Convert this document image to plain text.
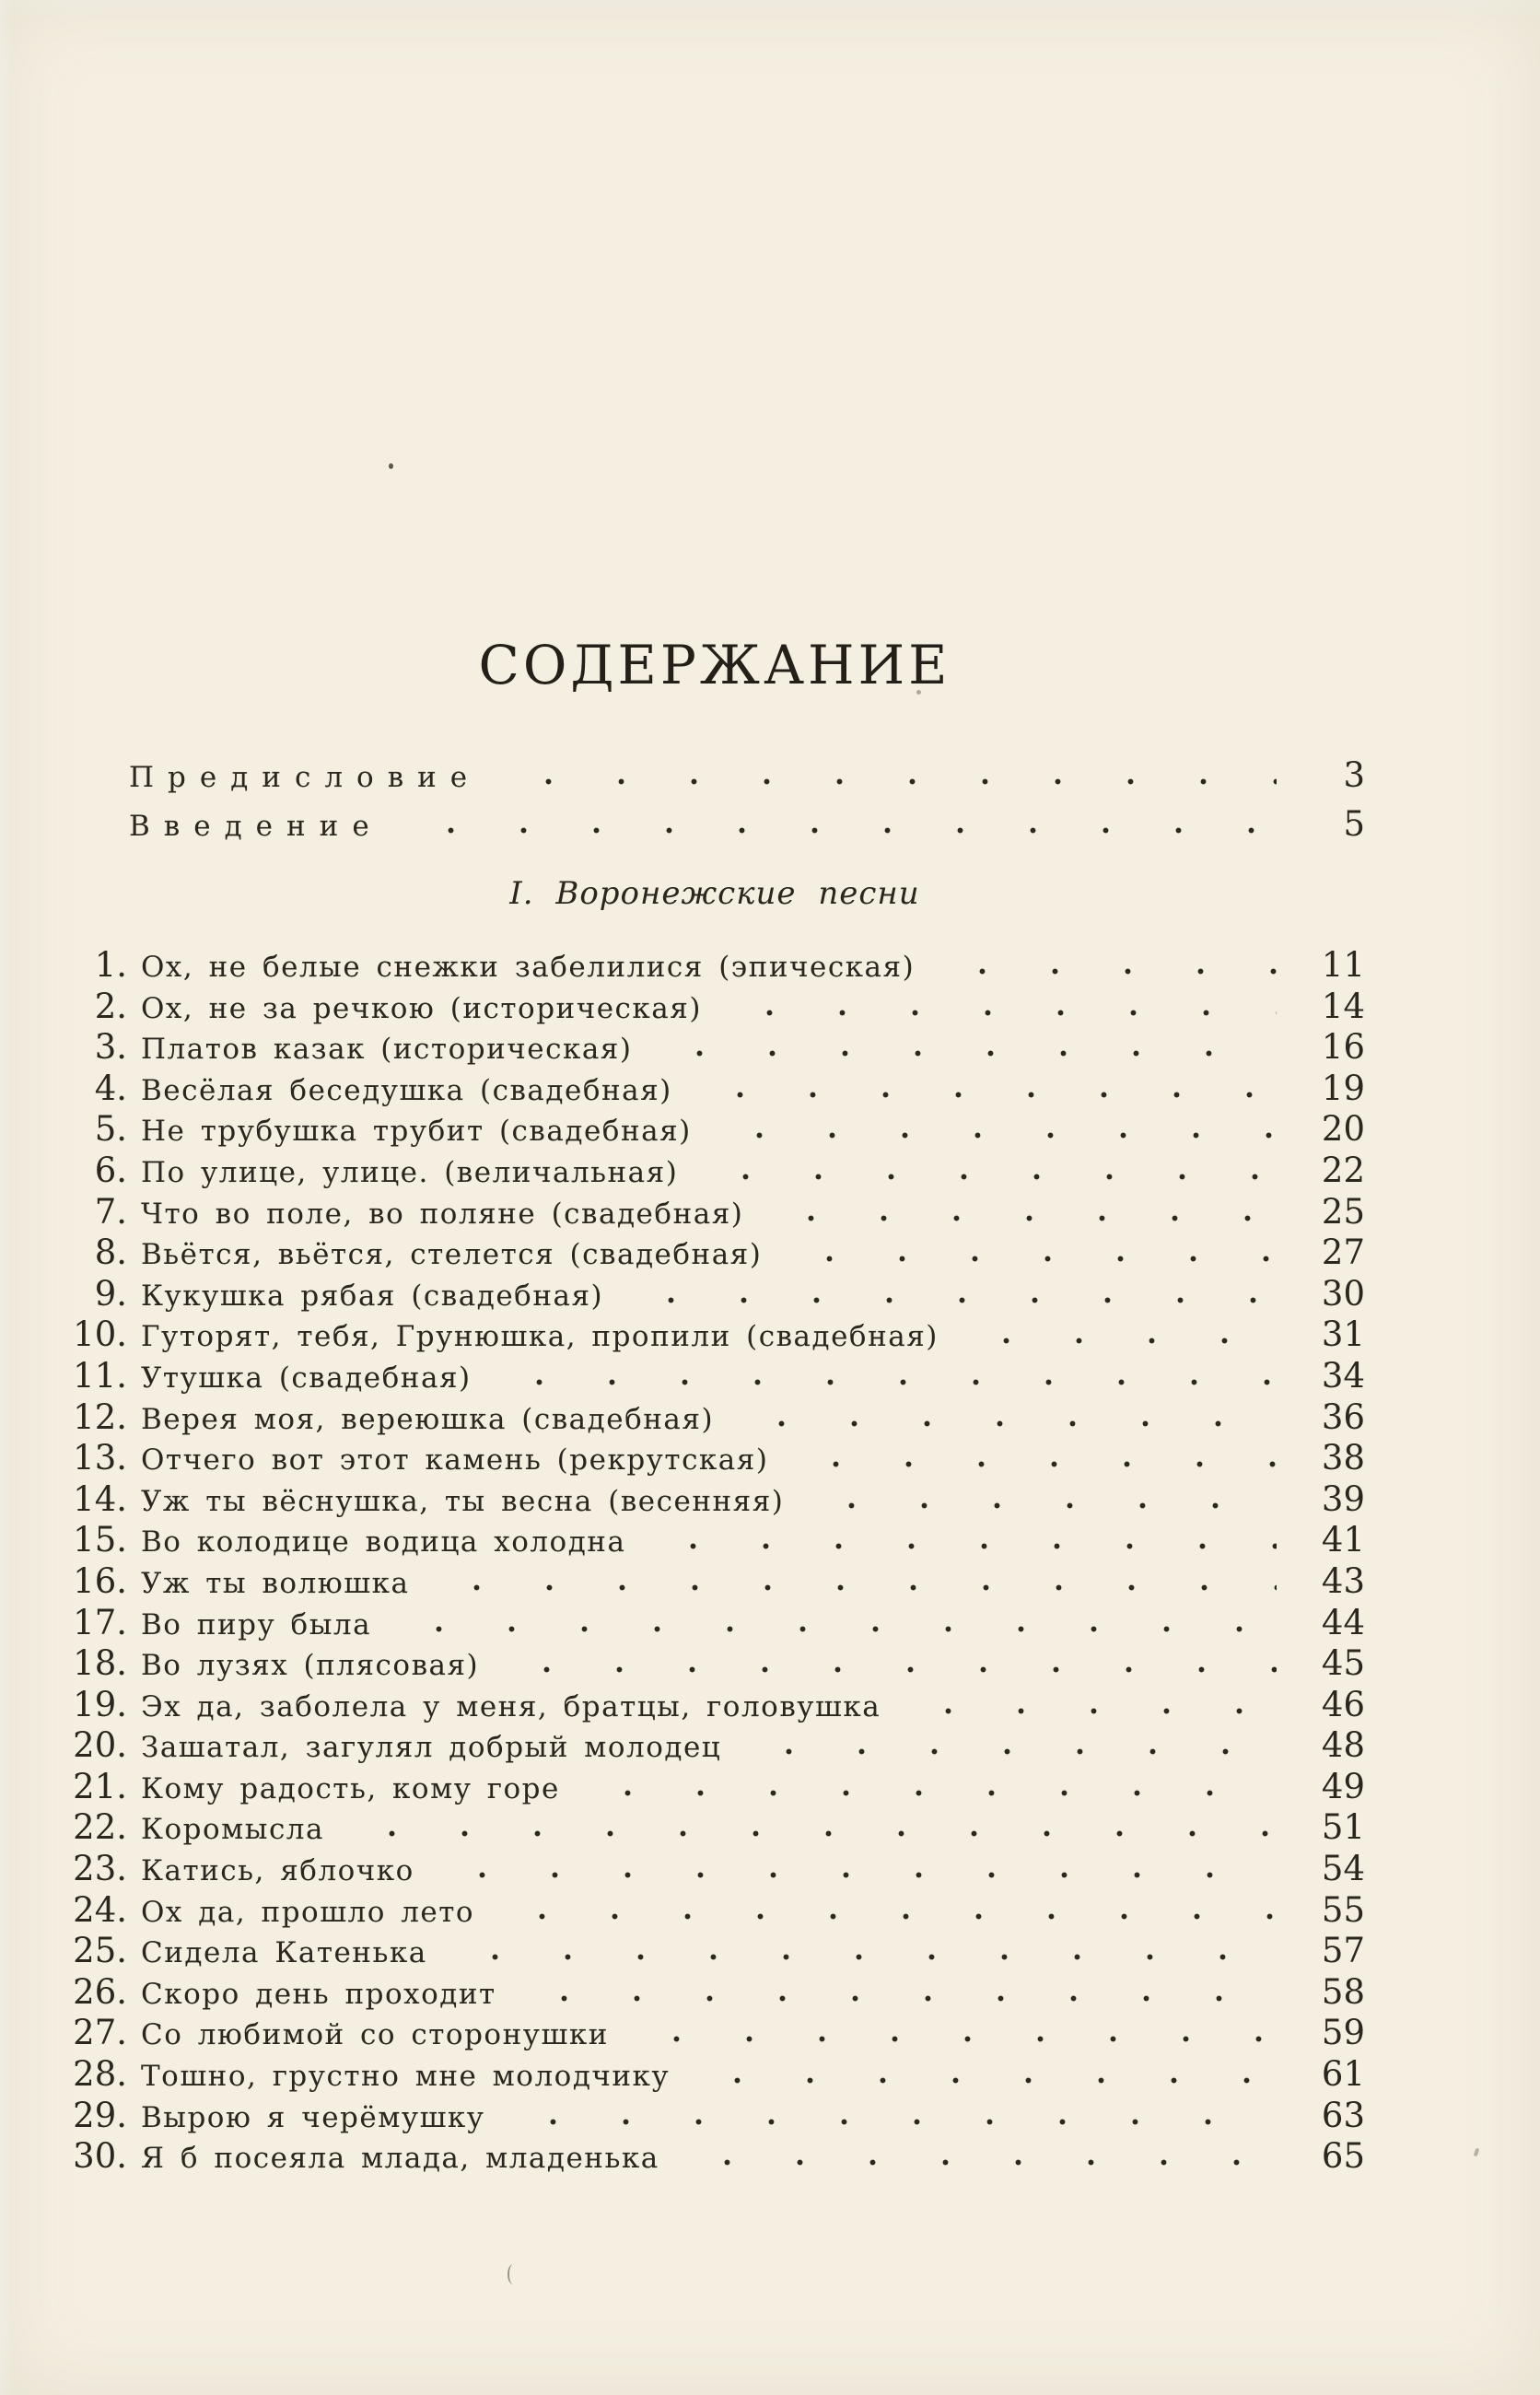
СОДЕРЖАНИЕ
Предисловие	3
Введение	5
I. Воронежские песни
1. Ох, не белые снежки забелилися (эпическая)	11
2. Ох, не за речкою (историческая)	14
3. Платов казак (историческая)	16
4. Весёлая беседушка (свадебная)	19
5. Не трубушка трубит (свадебная)	20
6. По улице, улице. (величальная)	22
7. Что во поле, во поляне (свадебная)	25
8. Вьётся, вьётся, стелется (свадебная)	27
9. Кукушка рябая (свадебная)	30
10. Гуторят, тебя, Грунюшка, пропили (свадебная)	31
11. Утушка (свадебная)	34
12. Верея моя, вереюшка (свадебная)	36
13. Отчего вот этот камень (рекрутская)	38
14. Уж ты вёснушка, ты весна (весенняя)	39
15. Во колодице водица холодна	41
16. Уж ты волюшка	43
17. Во пиру была	44
18. Во лузях (плясовая)	45
19. Эх да, заболела у меня, братцы, головушка	46
20. Зашатал, загулял добрый молодец	48
21. Кому радость, кому горе	49
22. Коромысла	51
23. Катись, яблочко	54
24. Ох да, прошло лето	55
25. Сидела Катенька	57
26. Скоро день проходит	58
27. Со любимой со сторонушки	59
28. Тошно, грустно мне молодчику	61
29. Вырою я черёмушку	63
30. Я б посеяла млада, младенька	65
